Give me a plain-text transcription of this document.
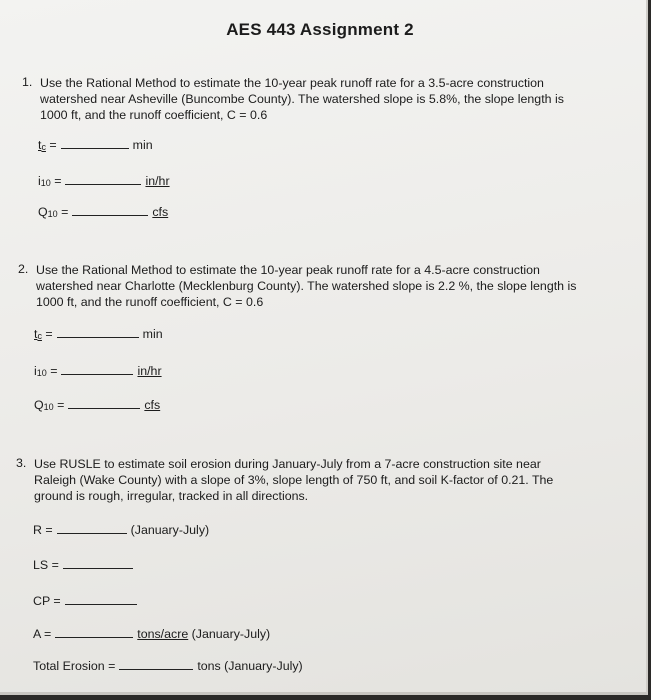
AES 443 Assignment 2
1. Use the Rational Method to estimate the 10-year peak runoff rate for a 3.5-acre construction
watershed near Asheville (Buncombe County). The watershed slope is 5.8%, the slope length is
1000 ft, and the runoff coefficient, C = 0.6
tc =	min
i10 =	in/hr
Q10 =	cfs
2. Use the Rational Method to estimate the 10-year peak runoff rate for a 4.5-acre construction
watershed near Charlotte (Mecklenburg County). The watershed slope is 2.2 %, the slope length is
1000 ft, and the runoff coefficient, C = 0.6
tc =	min
i10 =	in/hr
Q10 =	cfs
3. Use RUSLE to estimate soil erosion during January-July from a 7-acre construction site near
Raleigh (Wake County) with a slope of 3%, slope length of 750 ft, and soil K-factor of 0.21. The
ground is rough, irregular, tracked in all directions.
R =	(January-July)
LS =
CP =
A =	tons/acre (January-July)
Total Erosion =	tons (January-July)
